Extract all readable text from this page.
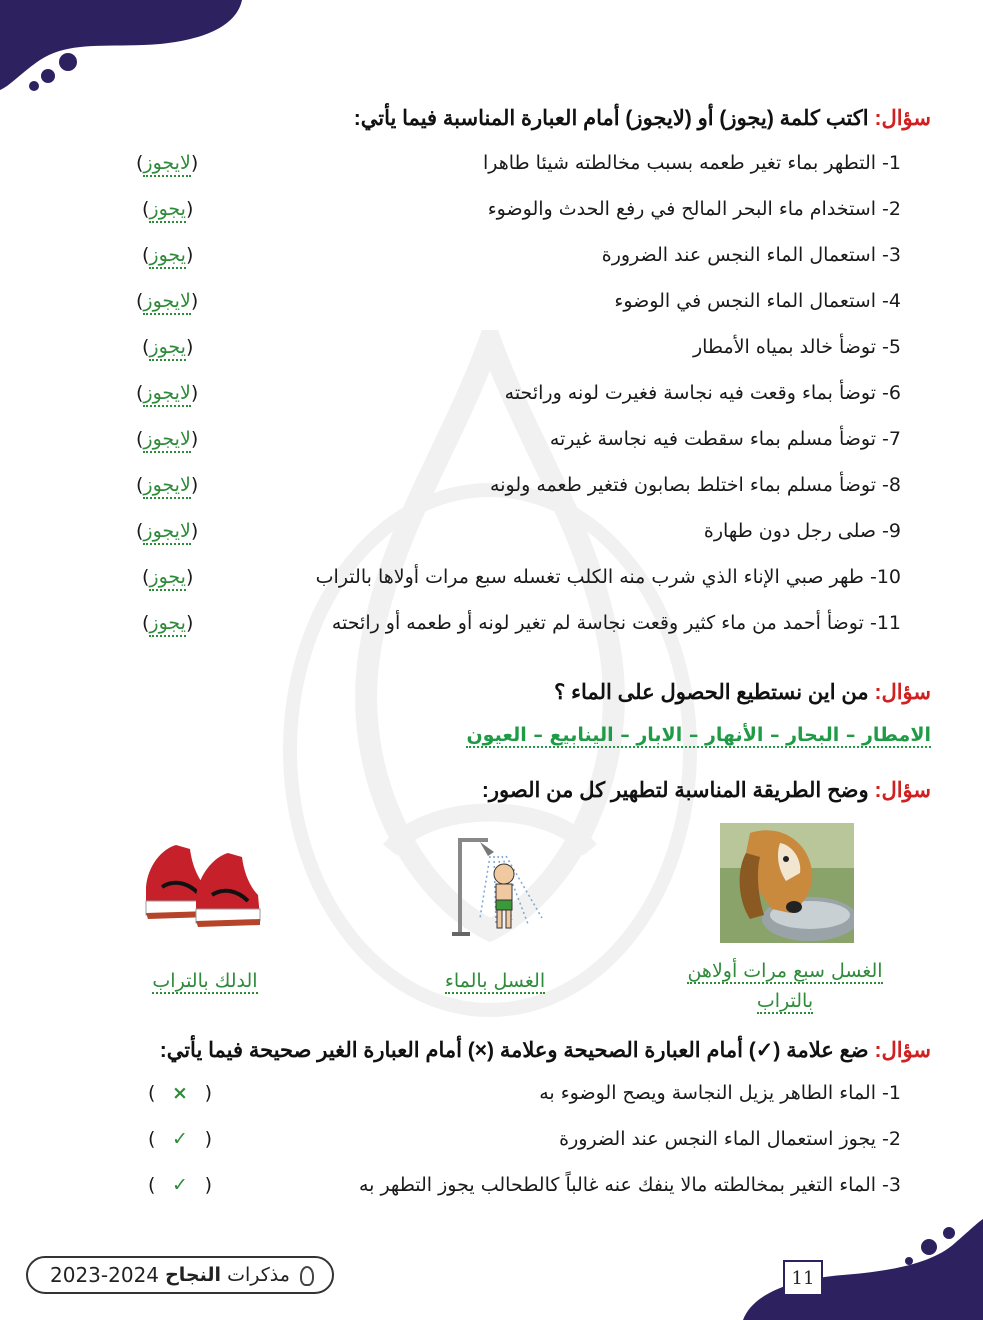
سؤال: اكتب كلمة (يجوز) أو (لايجوز) أمام العبارة المناسبة فيما يأتي:
1- التطهر بماء تغير طعمه بسبب مخالطته شيئا طاهرا
(لايجوز)
2- استخدام ماء البحر المالح في رفع الحدث والوضوء
(يجوز)
3- استعمال الماء النجس عند الضرورة
(يجوز)
4- استعمال الماء النجس في الوضوء
(لايجوز)
5- توضأ خالد بمياه الأمطار
(يجوز)
6- توضأ بماء وقعت فيه نجاسة فغيرت لونه ورائحته
(لايجوز)
7- توضأ مسلم بماء سقطت فيه نجاسة غيرته
(لايجوز)
8- توضأ مسلم بماء اختلط بصابون فتغير طعمه ولونه
(لايجوز)
9- صلى رجل دون طهارة
(لايجوز)
10- طهر صبي الإناء الذي شرب منه الكلب تغسله سبع مرات أولاها بالتراب
(يجوز)
11- توضأ أحمد من ماء كثير وقعت نجاسة لم تغير لونه أو طعمه أو رائحته
(يجوز)
سؤال: من اين نستطيع الحصول على الماء ؟
الامطار – البحار – الأنهار – الابار – الينابيع – العيون
سؤال: وضح الطريقة المناسبة لتطهير كل من الصور:
الغسل سبع مرات أولاهن بالتراب
الغسل بالماء
الدلك بالتراب
سؤال: ضع علامة (✓) أمام العبارة الصحيحة وعلامة (×) أمام العبارة الغير صحيحة فيما يأتي:
1- الماء الطاهر يزيل النجاسة ويصح الوضوء به
( × )
2- يجوز استعمال الماء النجس عند الضرورة
( ✓ )
3- الماء التغير بمخالطته مالا ينفك عنه غالباً كالطحالب يجوز التطهر به
( ✓ )
مذكرات النجاح
2023-2024	11
